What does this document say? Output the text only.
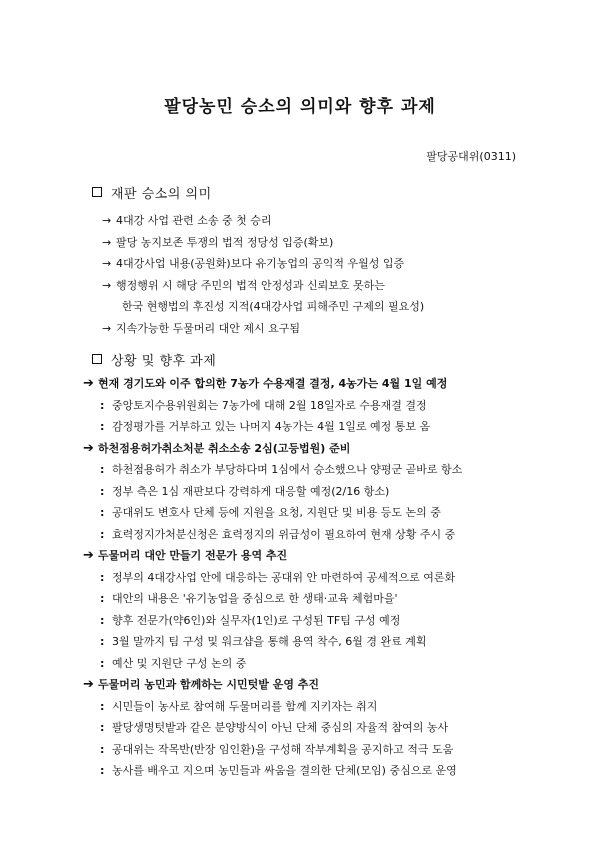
팔당농민 승소의 의미와 향후 과제
팔당공대위(0311)
재판 승소의 의미
→ 4대강 사업 관련 소송 중 첫 승리
→ 팔당 농지보존 투쟁의 법적 정당성 입증(확보)
→ 4대강사업 내용(공원화)보다 유기농업의 공익적 우월성 입증
→ 행정행위 시 해당 주민의 법적 안정성과 신뢰보호 못하는
한국 현행법의 후진성 지적(4대강사업 피해주민 구제의 필요성)
→ 지속가능한 두물머리 대안 제시 요구됨
상황 및 향후 과제
➔ 현재 경기도와 이주 합의한 7농가 수용재결 결정, 4농가는 4월 1일 예정
: 중앙토지수용위원회는 7농가에 대해 2월 18일자로 수용재결 결정
: 감정평가를 거부하고 있는 나머지 4농가는 4월 1일로 예정 통보 옴
➔ 하천점용허가취소처분 취소소송 2심(고등법원) 준비
: 하천점용허가 취소가 부당하다며 1심에서 승소했으나 양평군 곧바로 항소
: 정부 측은 1심 재판보다 강력하게 대응할 예정(2/16 항소)
: 공대위도 변호사 단체 등에 지원을 요청, 지원단 및 비용 등도 논의 중
: 효력정지가처분신청은 효력정지의 위급성이 필요하여 현재 상황 주시 중
➔ 두물머리 대안 만들기 전문가 용역 추진
: 정부의 4대강사업 안에 대응하는 공대위 안 마련하여 공세적으로 여론화
: 대안의 내용은 '유기농업을 중심으로 한 생태·교육 체험마을'
: 향후 전문가(약6인)와 실무자(1인)로 구성된 TF팀 구성 예정
: 3월 말까지 팀 구성 및 워크샵을 통해 용역 착수, 6월 경 완료 계획
: 예산 및 지원단 구성 논의 중
➔ 두물머리 농민과 함께하는 시민텃밭 운영 추진
: 시민들이 농사로 참여해 두물머리를 함께 지키자는 취지
: 팔당생명텃밭과 같은 분양방식이 아닌 단체 중심의 자율적 참여의 농사
: 공대위는 작목반(반장 임인환)을 구성해 작부계획을 공지하고 적극 도움
: 농사를 배우고 지으며 농민들과 싸움을 결의한 단체(모임) 중심으로 운영
